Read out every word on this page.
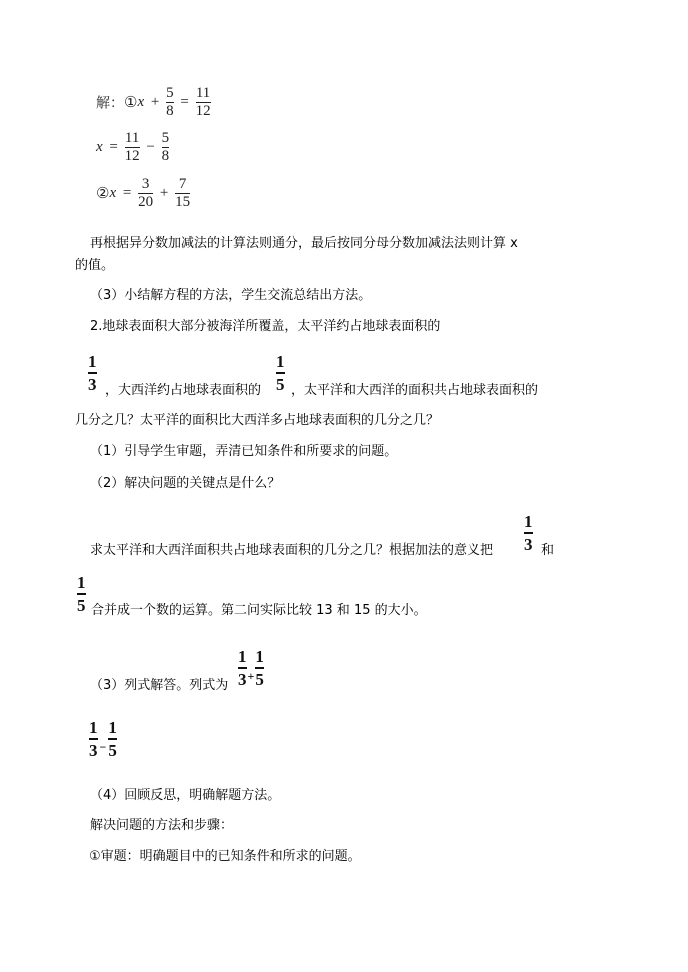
解：①x + $\frac{5}{8} = \frac{11}{12}$
$x = \frac{11}{12} - \frac{5}{8}$
②x = $\frac{3}{20} + \frac{7}{15}$
再根据异分数加减法的计算法则通分，最后按同分母分数加减法法则计算 x
的值。
（3）小结解方程的方法，学生交流总结出方法。
2.地球表面积大部分被海洋所覆盖，太平洋约占地球表面积的
$\frac{1}{3}$ ，大西洋约占地球表面积的 $\frac{1}{5}$ ，太平洋和大西洋的面积共占地球表面积的
几分之几？太平洋的面积比大西洋多占地球表面积的几分之几？
（1）引导学生审题，弄清已知条件和所要求的问题。
（2）解决问题的关键点是什么？
求太平洋和大西洋面积共占地球表面积的几分之几？根据加法的意义把 $\frac{1}{3}$ 和
$\frac{1}{5}$ 合并成一个数的运算。第二问实际比较 13 和 15 的大小。
（3）列式解答。列式为 $\frac{1}{3} _+ \frac{1}{5}$
$\frac{1}{3} _- \frac{1}{5}$
（4）回顾反思，明确解题方法。
解决问题的方法和步骤：
①审题：明确题目中的已知条件和所求的问题。
